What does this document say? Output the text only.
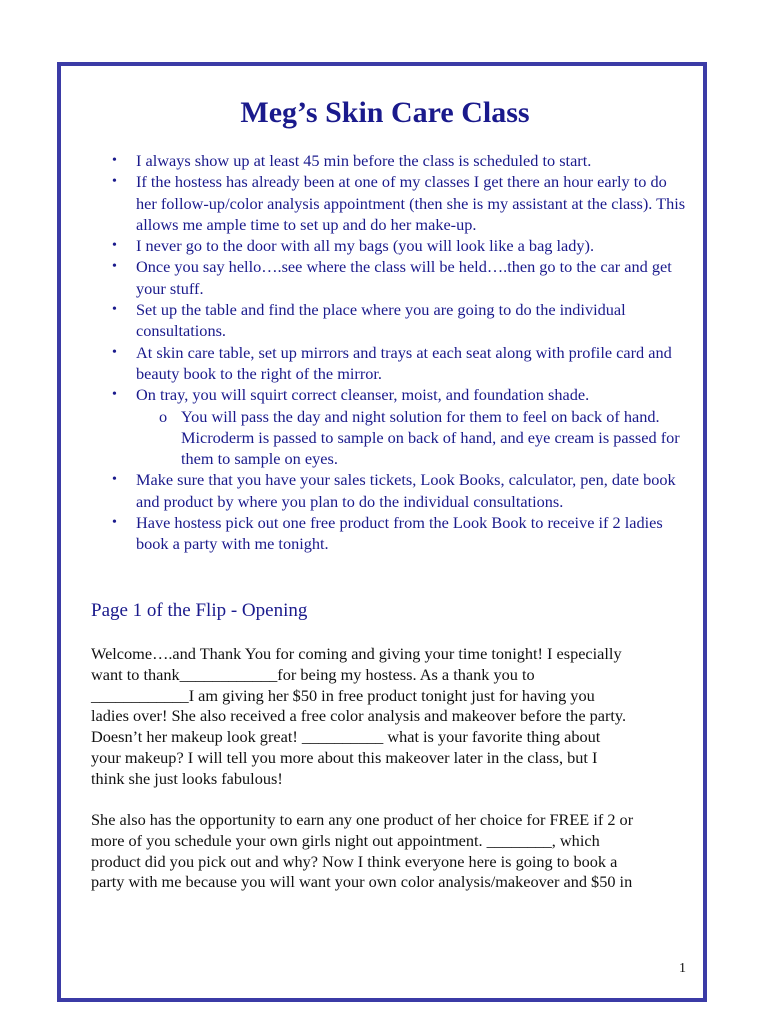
Meg’s Skin Care Class
• I always show up at least 45 min before the class is scheduled to start.
• If the hostess has already been at one of my classes I get there an hour early to do her follow-up/color analysis appointment (then she is my assistant at the class). This allows me ample time to set up and do her make-up.
• I never go to the door with all my bags (you will look like a bag lady).
• Once you say hello….see where the class will be held….then go to the car and get your stuff.
• Set up the table and find the place where you are going to do the individual consultations.
• At skin care table, set up mirrors and trays at each seat along with profile card and beauty book to the right of the mirror.
• On tray, you will squirt correct cleanser, moist, and foundation shade.
o You will pass the day and night solution for them to feel on back of hand. Microderm is passed to sample on back of hand, and eye cream is passed for them to sample on eyes.
• Make sure that you have your sales tickets, Look Books, calculator, pen, date book and product by where you plan to do the individual consultations.
• Have hostess pick out one free product from the Look Book to receive if 2 ladies book a party with me tonight.
Page 1 of the Flip - Opening

Welcome….and Thank You for coming and giving your time tonight! I especially
want to thank____________for being my hostess. As a thank you to
____________I am giving her $50 in free product tonight just for having you
ladies over! She also received a free color analysis and makeover before the party.
Doesn’t her makeup look great! __________ what is your favorite thing about
your makeup? I will tell you more about this makeover later in the class, but I
think she just looks fabulous!

She also has the opportunity to earn any one product of her choice for FREE if 2 or
more of you schedule your own girls night out appointment. ________, which
product did you pick out and why? Now I think everyone here is going to book a
party with me because you will want your own color analysis/makeover and $50 in

1
